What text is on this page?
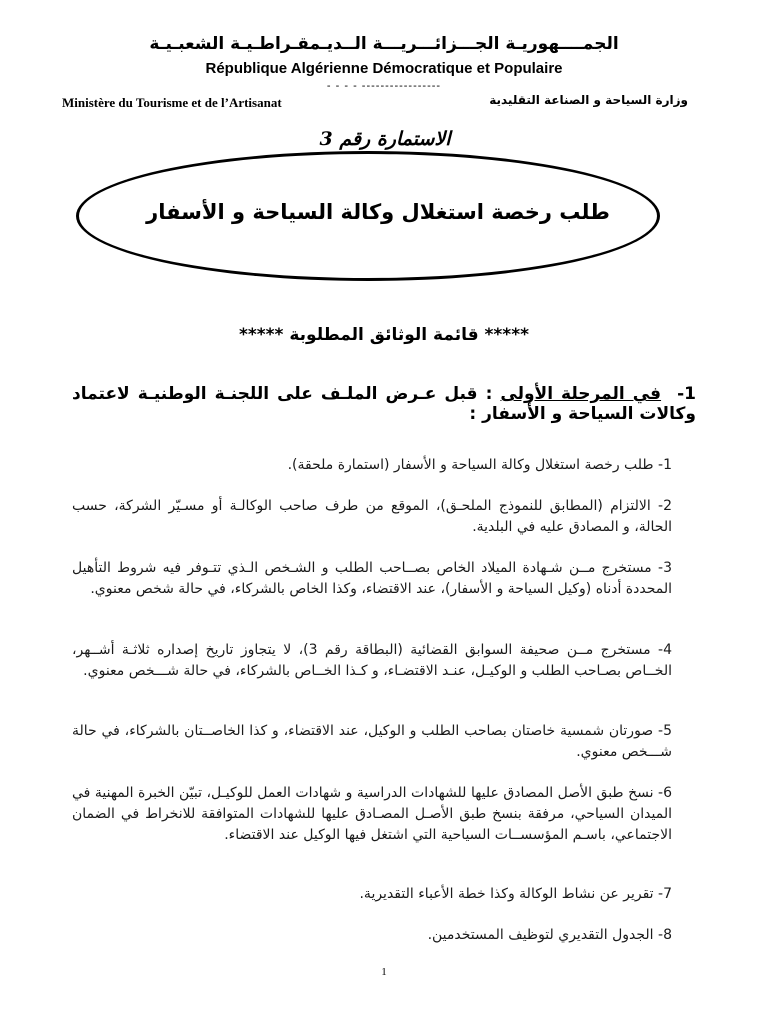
الجمــــهوريـة الجـــزائـــريـــة الــديـمقـراطـيـة الشعبـيـة
République Algérienne Démocratique et Populaire
- - - - -----------------
Ministère du Tourisme et de l’Artisanat	وزارة السياحة و الصناعة التقليدية
الاستمارة رقم 3
طلب رخصة استغلال وكالة السياحة و الأسفار
***** قائمة الوثائق المطلوبة *****
1-  في المرحلة الأولى : قبل عـرض الملـف على اللجنـة الوطنيـة لاعتماد وكالات السياحة و الأسفار :
1- طلب رخصة استغلال وكالة السياحة و الأسفار (استمارة ملحقة).
2- الالتزام (المطابق للنموذج الملحـق)، الموقع من طرف صاحب الوكالـة أو مسـيّر الشركة، حسب الحالة، و المصادق عليه في البلدية.
3- مستخرج مــن شـهادة الميلاد الخاص بصــاحب الطلب و الشـخص الـذي تتـوفر فيه شروط التأهيل المحددة أدناه (وكيل السياحة و الأسفار)، عند الاقتضاء، وكذا الخاص بالشركاء، في حالة شخص معنوي.
4- مستخرج مــن صحيفة السوابق القضائية (البطاقة رقم 3)، لا يتجاوز تاريخ إصداره ثلاثـة أشــهر، الخــاص بصـاحب الطلب و الوكيـل، عنـد الاقتضـاء، و كـذا الخــاص بالشركاء، في حالة شـــخص معنوي.
5- صورتان شمسية خاصتان بصاحب الطلب و الوكيل، عند الاقتضاء، و كذا الخاصــتان بالشركاء، في حالة شـــخص معنوي.
6- نسخ طبق الأصل المصادق عليها للشهادات الدراسية و شهادات العمل للوكيـل، تبيّن الخبرة المهنية في الميدان السياحي، مرفقة بنسخ طبق الأصـل المصـادق عليها للشهادات المتوافقة للانخراط في الضمان الاجتماعي، باسـم المؤسســات السياحية التي اشتغل فيها الوكيل عند الاقتضاء.
7- تقرير عن نشاط الوكالة وكذا خطة الأعباء التقديرية.
8- الجدول التقديري لتوظيف المستخدمين.
1
